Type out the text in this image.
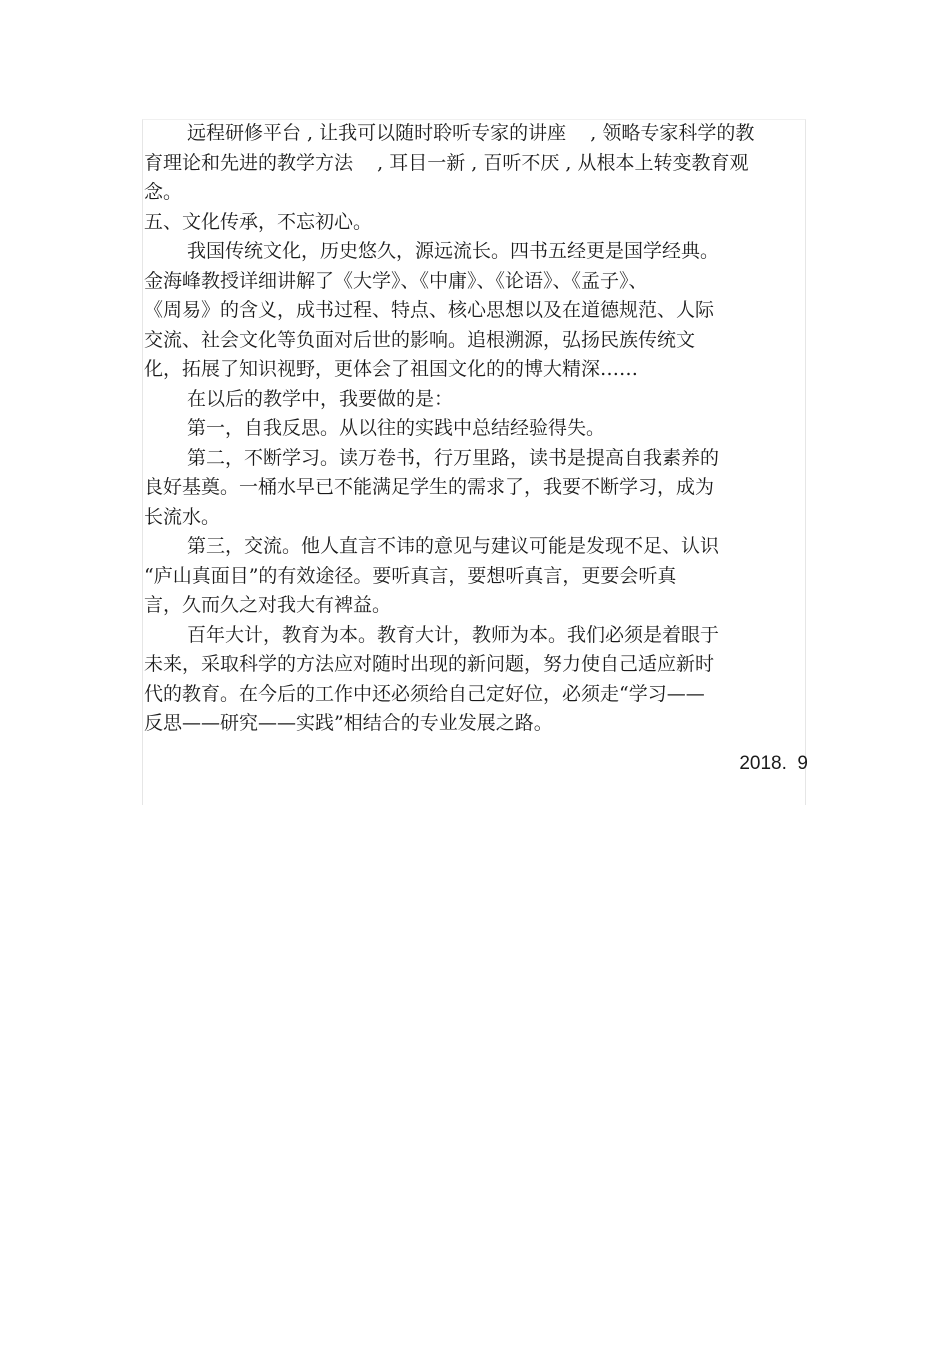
远程研修平台 , 让我可以随时聆听专家的讲座    , 领略专家科学的教

育理论和先进的教学方法    , 耳目一新 , 百听不厌 , 从根本上转变教育观

念。

五、文化传承，不忘初心。

我国传统文化，历史悠久，源远流长。四书五经更是国学经典。

金海峰教授详细讲解了《大学》、《中庸》、《论语》、《孟子》、

《周易》的含义，成书过程、特点、核心思想以及在道德规范、人际

交流、社会文化等负面对后世的影响。追根溯源，弘扬民族传统文

化，拓展了知识视野，更体会了祖国文化的的博大精深……

在以后的教学中，我要做的是：

第一，自我反思。从以往的实践中总结经验得失。

第二，不断学习。读万卷书，行万里路，读书是提高自我素养的

良好基奠。一桶水早已不能满足学生的需求了，我要不断学习，成为

长流水。

第三，交流。他人直言不讳的意见与建议可能是发现不足、认识

“庐山真面目”的有效途径。要听真言，要想听真言，更要会听真

言，久而久之对我大有裨益。

百年大计，教育为本。教育大计，教师为本。我们必须是着眼于

未来，采取科学的方法应对随时出现的新问题，努力使自己适应新时

代的教育。在今后的工作中还必须给自己定好位，必须走“学习——

反思——研究——实践”相结合的专业发展之路。

2018.  9
